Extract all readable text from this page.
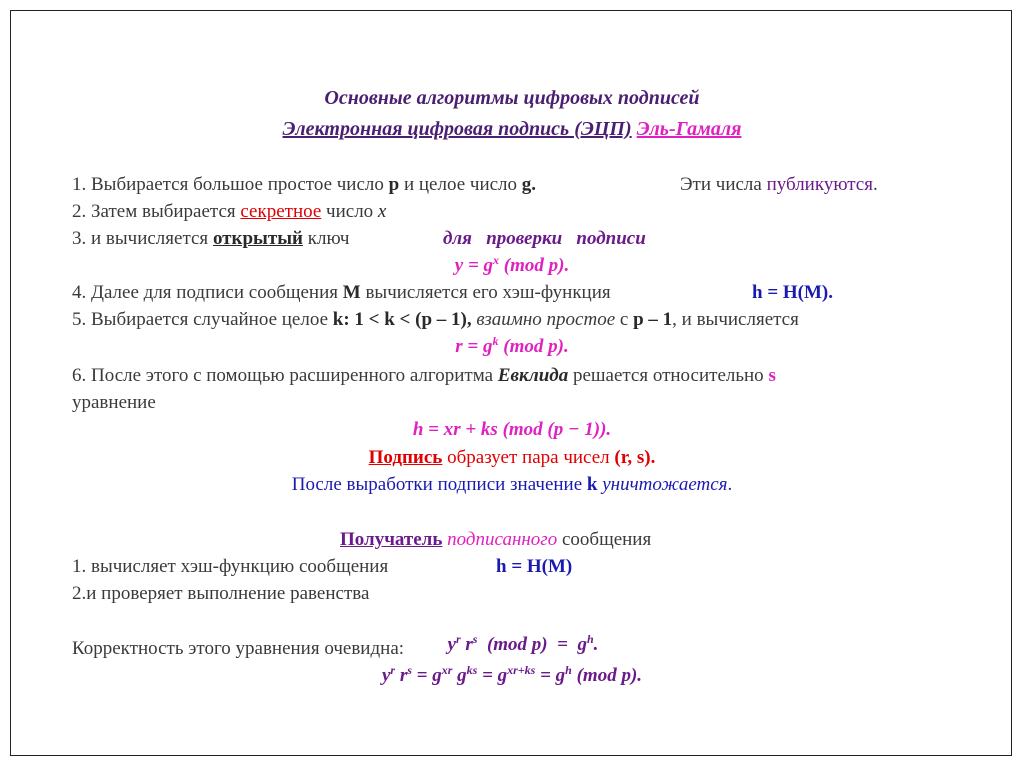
Основные алгоритмы цифровых подписей
Электронная цифровая подпись (ЭЦП) Эль-Гамаля
1. Выбирается большое простое число p и целое число g.	Эти числа публикуются.
2. Затем выбирается секретное число x
3. и вычисляется открытый ключ	для   проверки   подписи
$y = g^x$ (mod p).
4. Далее для подписи сообщения M вычисляется его хэш-функция	h = H(M).
5. Выбирается случайное целое k: 1 < k < (p – 1), взаимно простое с p – 1, и вычисляется
$r = g^k$ (mod p).
6. После этого с помощью расширенного алгоритма Евклида решается относительно s
уравнение
h = xr + ks (mod (p − 1)).
Подпись образует пара чисел (r, s).
После выработки подписи значение k уничтожается.
Получатель подписанного сообщения
1. вычисляет хэш-функцию сообщения	h = H(M)
2.и проверяет выполнение равенства

$y^r$ $r^s$  (mod $p) = g^h$.

Корректность этого уравнения очевидна:
$y^r$ $r^s = g^{xr}$ $g^{ks} = g^{xr+ks} = g^h$ (mod p).
